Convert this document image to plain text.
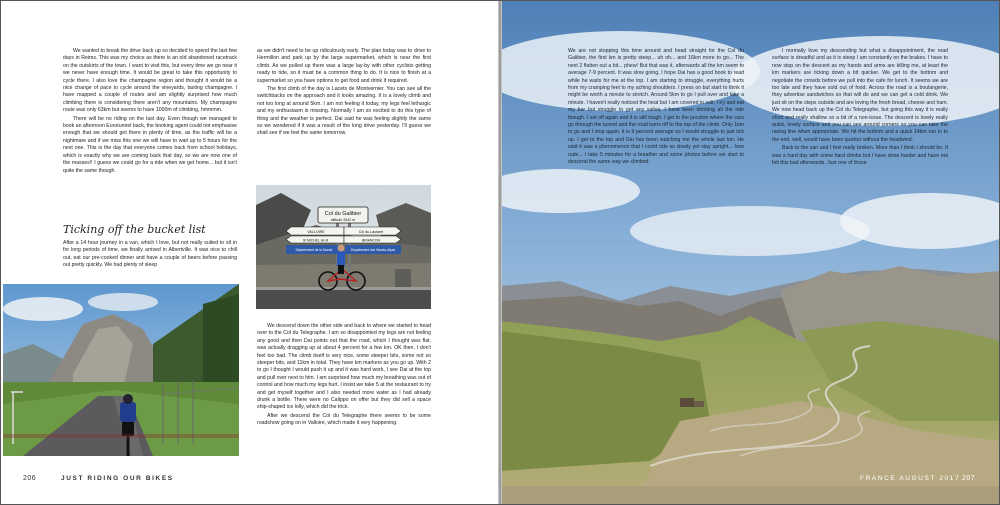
We wanted to break the drive back up so decided to spend the last few days in Reims. This was my choice as there is an old abandoned racetrack on the outskirts of the town. I want to visit this, but every time we go near it we never have enough time. It would be great to take this opportunity to cycle there. I also love the champagne region and thought it would be a nice change of pace to cycle around the vineyards, tasting champagne. I have mapped a couple of routes and am slightly surprised how much climbing there is considering there aren't any mountains. My champagne route was only 63km but seems to have 1000m of climbing, hmmmm.

There will be no riding on the last day. Even though we managed to book an afternoon Eurotunnel back, the booking agent could not emphasise enough that we should get there in plenty of time, as the traffic will be a nightmare and if we miss this one we will have to wait up to 5 hours for the next one. This is the day that everyone comes back from school holidays, which is exactly why we are coming back that day, so we are now one of the masses!! I guess we could go for a ride when we get home... but it isn't quite the same though.

Ticking off the bucket list

After a 14 hour journey in a van, which I love, but not really suited to sit in for long periods of time, we finally arrived in Albertville. It was nice to chill out, eat our pre-cooked dinner and have a couple of beers before passing out pretty quickly. We had plenty of sleep

as we didn't need to be up ridiculously early. The plan today was to drive to Hermillon and park up by the large supermarket, which is near the first climb. As we pulled up there was a large lay-by with other cyclists getting ready to ride, so it must be a common thing to do. It is nice to finish at a supermarket so you have options to get food and drink if required.

The first climb of the day is Lacets de Montvernier. You can see all the switchbacks on the approach and it looks amazing. It is a lovely climb and not too long at around 5km. I am not feeling it today, my legs feel lethargic and my enthusiasm is missing. Normally I am so excited to do this type of thing and the weather is perfect. Dai said he was feeling slightly the same so we wondered if it was a result of the long drive yesterday. I'll guess we shall see if we feel the same tomorrow.

Col du Galibier
altitude 2642 m
VALLOIRE	Col du Lautaret
St MICHEL de M.	BRIANCON
Département de la Savoie	Département des Hautes-Alpes

We descend down the other side and back to where we started to head over to the Col du Telegraphe. I am so disappointed my legs are not feeling any good and then Dai points out that the road, which I thought was flat, was actually dragging up at about 4 percent for a few km. OK then, I don't feel too bad. The climb itself is very nice, some steeper bits, some not so steeper bits, and 11km in total. They have km markers as you go up. With 2 to go I thought I would push it up and it was hard work, I see Dai at the top and pull over next to him. I am surprised how much my breathing was out of control and how much my legs hurt. I insist we take 5 at the restaurant to try and get myself together and I also needed more water as I had already drunk a bottle. There were no Calippo on offer but they did sell a space ship-shaped ice lolly, which did the trick.

After we descend the Col du Telegraphe there seems to be some roadshow going on in Valloire, which made it very happening.

206	JUST RIDING OUR BIKES

We are not stopping this time around and head straight for the Col du Galibier, the first km is pretty steep... uh oh... and 16km more to go... The next 2 flatten out a bit... phew! But that was it, afterwards all the km seem to average 7-9 percent. It was slow going, I hope Dai has a good book to read while he waits for me at the top. I am starting to struggle, everything hurts from my cramping feet to my aching shoulders. I press on but start to think it might be worth a minute to stretch. Around 5km to go I pull over and take a minute. I haven't really noticed the heat but I am covered in salt. I try and eat my bar but struggle to get any saliva, I have been drinking all the ride though. I set off again and it is still tough. I get to the junction where the cars go through the tunnel and the road turns off to the top of the climb. Only 1km to go and I stop again, it is 9 percent average so I would struggle to just tick up. I get to the top and Dai has been watching me the whole last km. He said it was a phenomenon that I could ride so slowly yet stay upright... how rude... I take 5 minutes for a breather and some photos before we start to descend the same way we climbed.

I normally love my descending but what a disappointment, the road surface is dreadful and as it is steep I am constantly on the brakes. I have to now stop on the descent as my hands and arms are killing me, at least the km markers are ticking down a bit quicker. We get to the bottom and negotiate the crowds before we pull into the cafe for lunch. It seems we are too late and they have sold out of food. Across the road is a boulangerie, they advertise sandwiches so that will do and we can get a cold drink. We just sit on the steps outside and are loving the fresh bread, cheese and ham. We now head back up the Col du Telegraphe, but going this way it is really short and really shallow so a bit of a non-issue. The descent is lovely really quick, lovely surface and you can see around corners so you can take the racing line when appropriate. We hit the bottom and a quick 14km run in to the end, well, would have been quicker without the headwind.

Back to the van and I feel really broken. More than I think I should be. It was a hard day with some hard climbs but I have done harder and have not felt this bad afterwards. Just one of those

FRANCE AUGUST 2017 207
